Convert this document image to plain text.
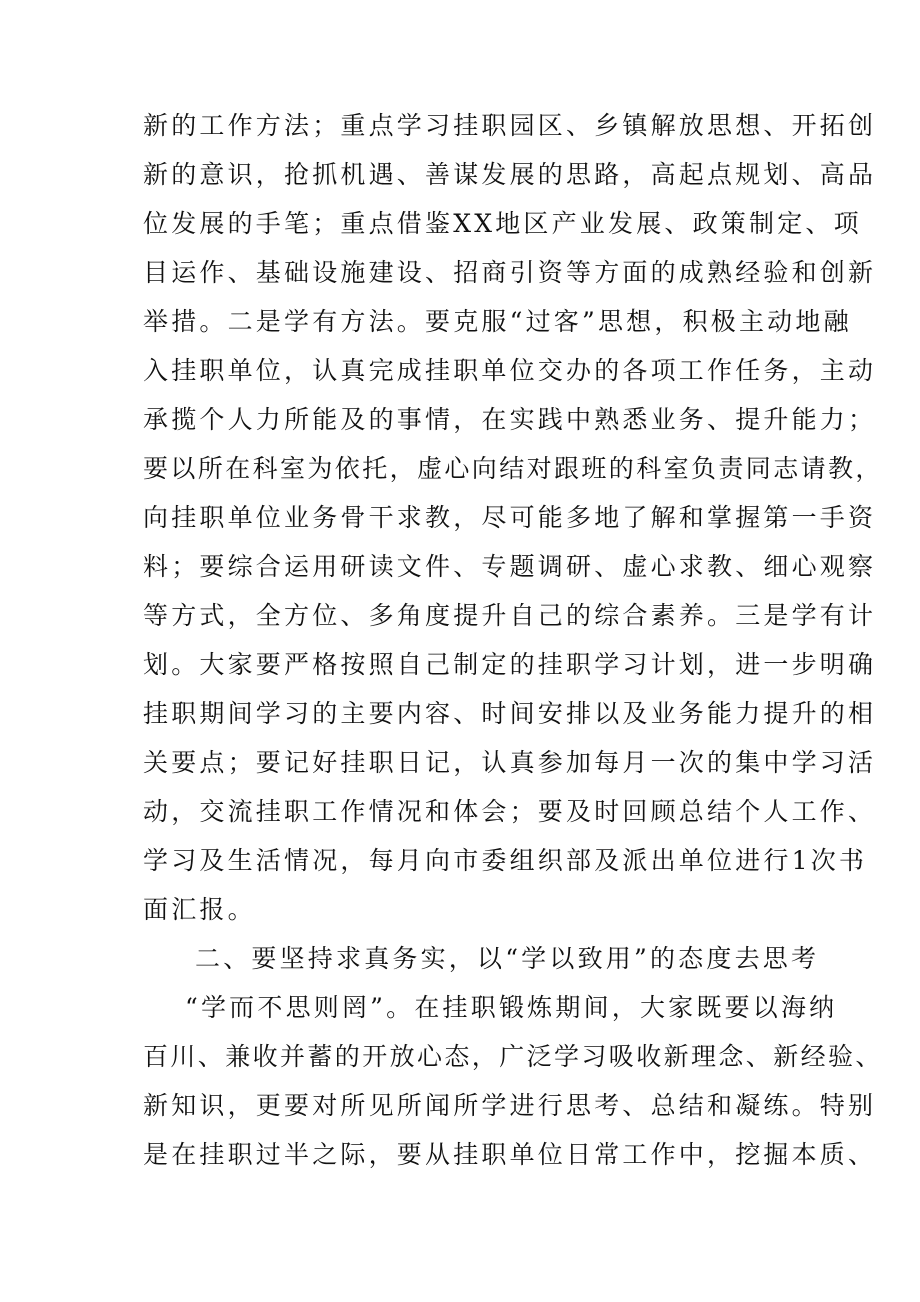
新的工作方法；重点学习挂职园区、乡镇解放思想、开拓创
新的意识，抢抓机遇、善谋发展的思路，高起点规划、高品
位发展的手笔；重点借鉴XX地区产业发展、政策制定、项
目运作、基础设施建设、招商引资等方面的成熟经验和创新
举措。二是学有方法。要克服“过客”思想，积极主动地融
入挂职单位，认真完成挂职单位交办的各项工作任务，主动
承揽个人力所能及的事情，在实践中熟悉业务、提升能力；
要以所在科室为依托，虚心向结对跟班的科室负责同志请教，
向挂职单位业务骨干求教，尽可能多地了解和掌握第一手资
料；要综合运用研读文件、专题调研、虚心求教、细心观察
等方式，全方位、多角度提升自己的综合素养。三是学有计
划。大家要严格按照自己制定的挂职学习计划，进一步明确
挂职期间学习的主要内容、时间安排以及业务能力提升的相
关要点；要记好挂职日记，认真参加每月一次的集中学习活
动，交流挂职工作情况和体会；要及时回顾总结个人工作、
学习及生活情况，每月向市委组织部及派出单位进行1次书
面汇报。
二、要坚持求真务实，以“学以致用”的态度去思考
“学而不思则罔”。在挂职锻炼期间，大家既要以海纳
百川、兼收并蓄的开放心态，广泛学习吸收新理念、新经验、
新知识，更要对所见所闻所学进行思考、总结和凝练。特别
是在挂职过半之际，要从挂职单位日常工作中，挖掘本质、
